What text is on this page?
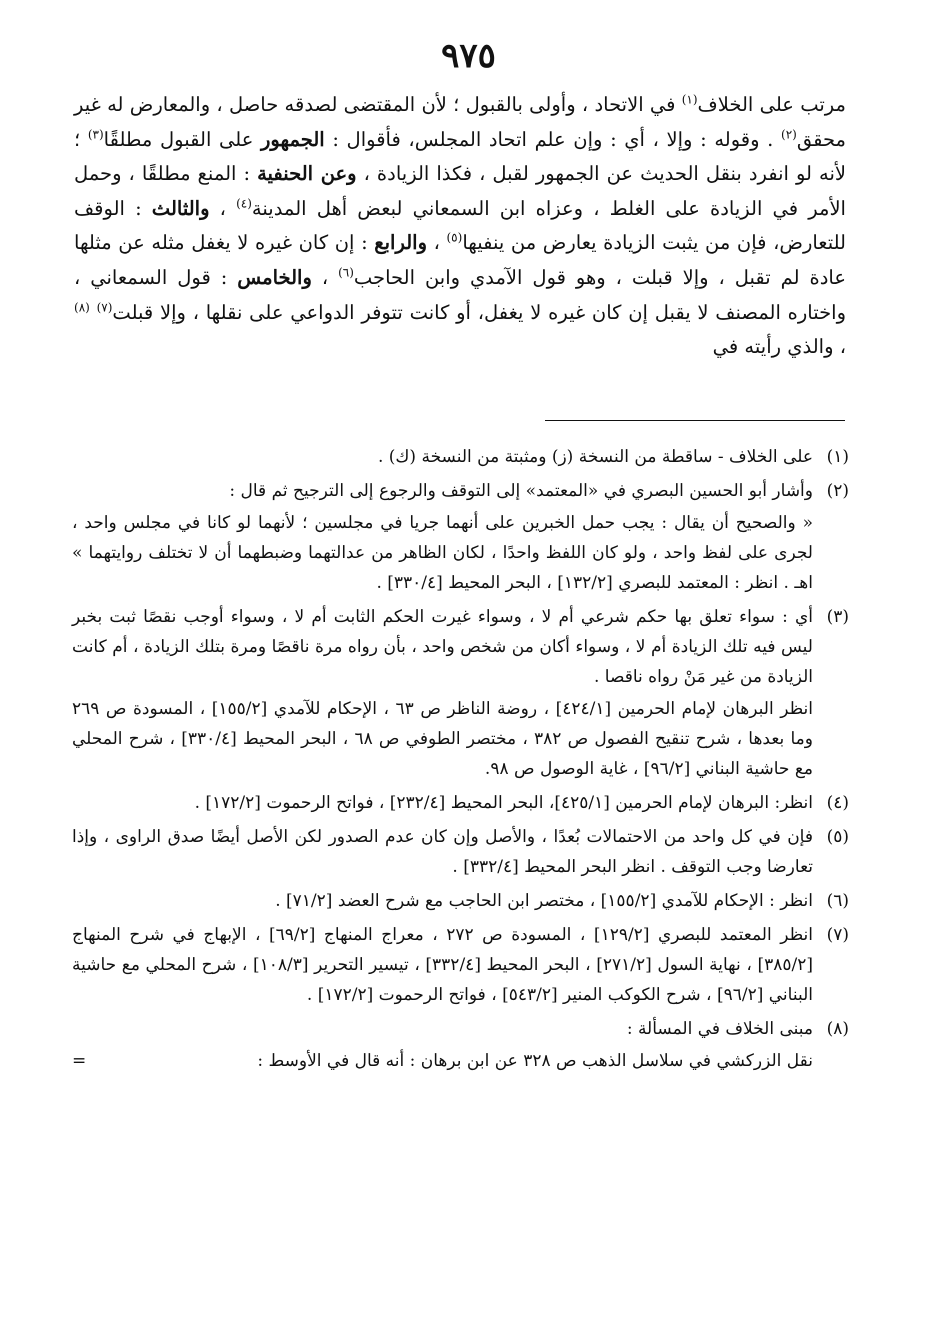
٩٧٥
مرتب على الخلاف$^{(١)}$ في الاتحاد ، وأولى بالقبول ؛ لأن المقتضى لصدقه حاصل ، والمعارض له غير محقق$^{(٢)}$ . وقوله : وإلا ، أي : وإن علم اتحاد المجلس، فأقوال : الجمهور على القبول مطلقًا$^{(٣)}$ ؛ لأنه لو انفرد بنقل الحديث عن الجمهور لقبل ، فكذا الزيادة ، وعن الحنفية : المنع مطلقًا ، وحمل الأمر في الزيادة على الغلط ، وعزاه ابن السمعاني لبعض أهل المدينة$^{(٤)}$ ، والثالث : الوقف للتعارض، فإن من يثبت الزيادة يعارض من ينفيها$^{(٥)}$ ، والرابع : إن كان غيره لا يغفل مثله عن مثلها عادة لم تقبل ، وإلا قبلت ، وهو قول الآمدي وابن الحاجب$^{(٦)}$ ، والخامس : قول السمعاني ، واختاره المصنف لا يقبل إن كان غيره لا يغفل، أو كانت تتوفر الدواعي على نقلها ، وإلا قبلت$^{(٧)}$ $^{(٨)}$ ، والذي رأيته في
(١)
على الخلاف - ساقطة من النسخة (ز) ومثبتة من النسخة (ك) .
(٢)
وأشار أبو الحسين البصري في «المعتمد» إلى التوقف والرجوع إلى الترجيح ثم قال :
« والصحيح أن يقال : يجب حمل الخبرين على أنهما جريا في مجلسين ؛ لأنهما لو كانا في مجلس واحد ، لجرى على لفظ واحد ، ولو كان اللفظ واحدًا ، لكان الظاهر من عدالتهما وضبطهما أن لا تختلف روايتهما » اهـ . انظر : المعتمد للبصري [١٣٢/٢] ، البحر المحيط [٣٣٠/٤] .
(٣)
أي : سواء تعلق بها حكم شرعي أم لا ، وسواء غيرت الحكم الثابت أم لا ، وسواء أوجب نقصًا ثبت بخبر ليس فيه تلك الزيادة أم لا ، وسواء أكان من شخص واحد ، بأن رواه مرة ناقصًا ومرة بتلك الزيادة ، أم كانت الزيادة من غير مَنْ رواه ناقصا .
انظر البرهان لإمام الحرمين [٤٢٤/١] ، روضة الناظر ص ٦٣ ، الإحكام للآمدي [١٥٥/٢] ، المسودة ص ٢٦٩ وما بعدها ، شرح تنقيح الفصول ص ٣٨٢ ، مختصر الطوفي ص ٦٨ ، البحر المحيط [٣٣٠/٤] ، شرح المحلي مع حاشية البناني [٩٦/٢] ، غاية الوصول ص ٩٨.
(٤)
انظر: البرهان لإمام الحرمين [٤٢٥/١]، البحر المحيط [٢٣٢/٤] ، فواتح الرحموت [١٧٢/٢] .
(٥)
فإن في كل واحد من الاحتمالات بُعدًا ، والأصل وإن كان عدم الصدور لكن الأصل أيضًا صدق الراوى ، وإذا تعارضا وجب التوقف . انظر البحر المحيط [٣٣٢/٤] .
(٦)
انظر : الإحكام للآمدي [١٥٥/٢] ، مختصر ابن الحاجب مع شرح العضد [٧١/٢] .
(٧)
انظر المعتمد للبصري [١٢٩/٢] ، المسودة ص ٢٧٢ ، معراج المنهاج [٦٩/٢] ، الإبهاج في شرح المنهاج [٣٨٥/٢] ، نهاية السول [٢٧١/٢] ، البحر المحيط [٣٣٢/٤] ، تيسير التحرير [١٠٨/٣] ، شرح المحلي مع حاشية البناني [٩٦/٢] ، شرح الكوكب المنير [٥٤٣/٢] ، فواتح الرحموت [١٧٢/٢] .
(٨)
مبنى الخلاف في المسألة :
نقل الزركشي في سلاسل الذهب ص ٣٢٨ عن ابن برهان : أنه قال في الأوسط :
=
